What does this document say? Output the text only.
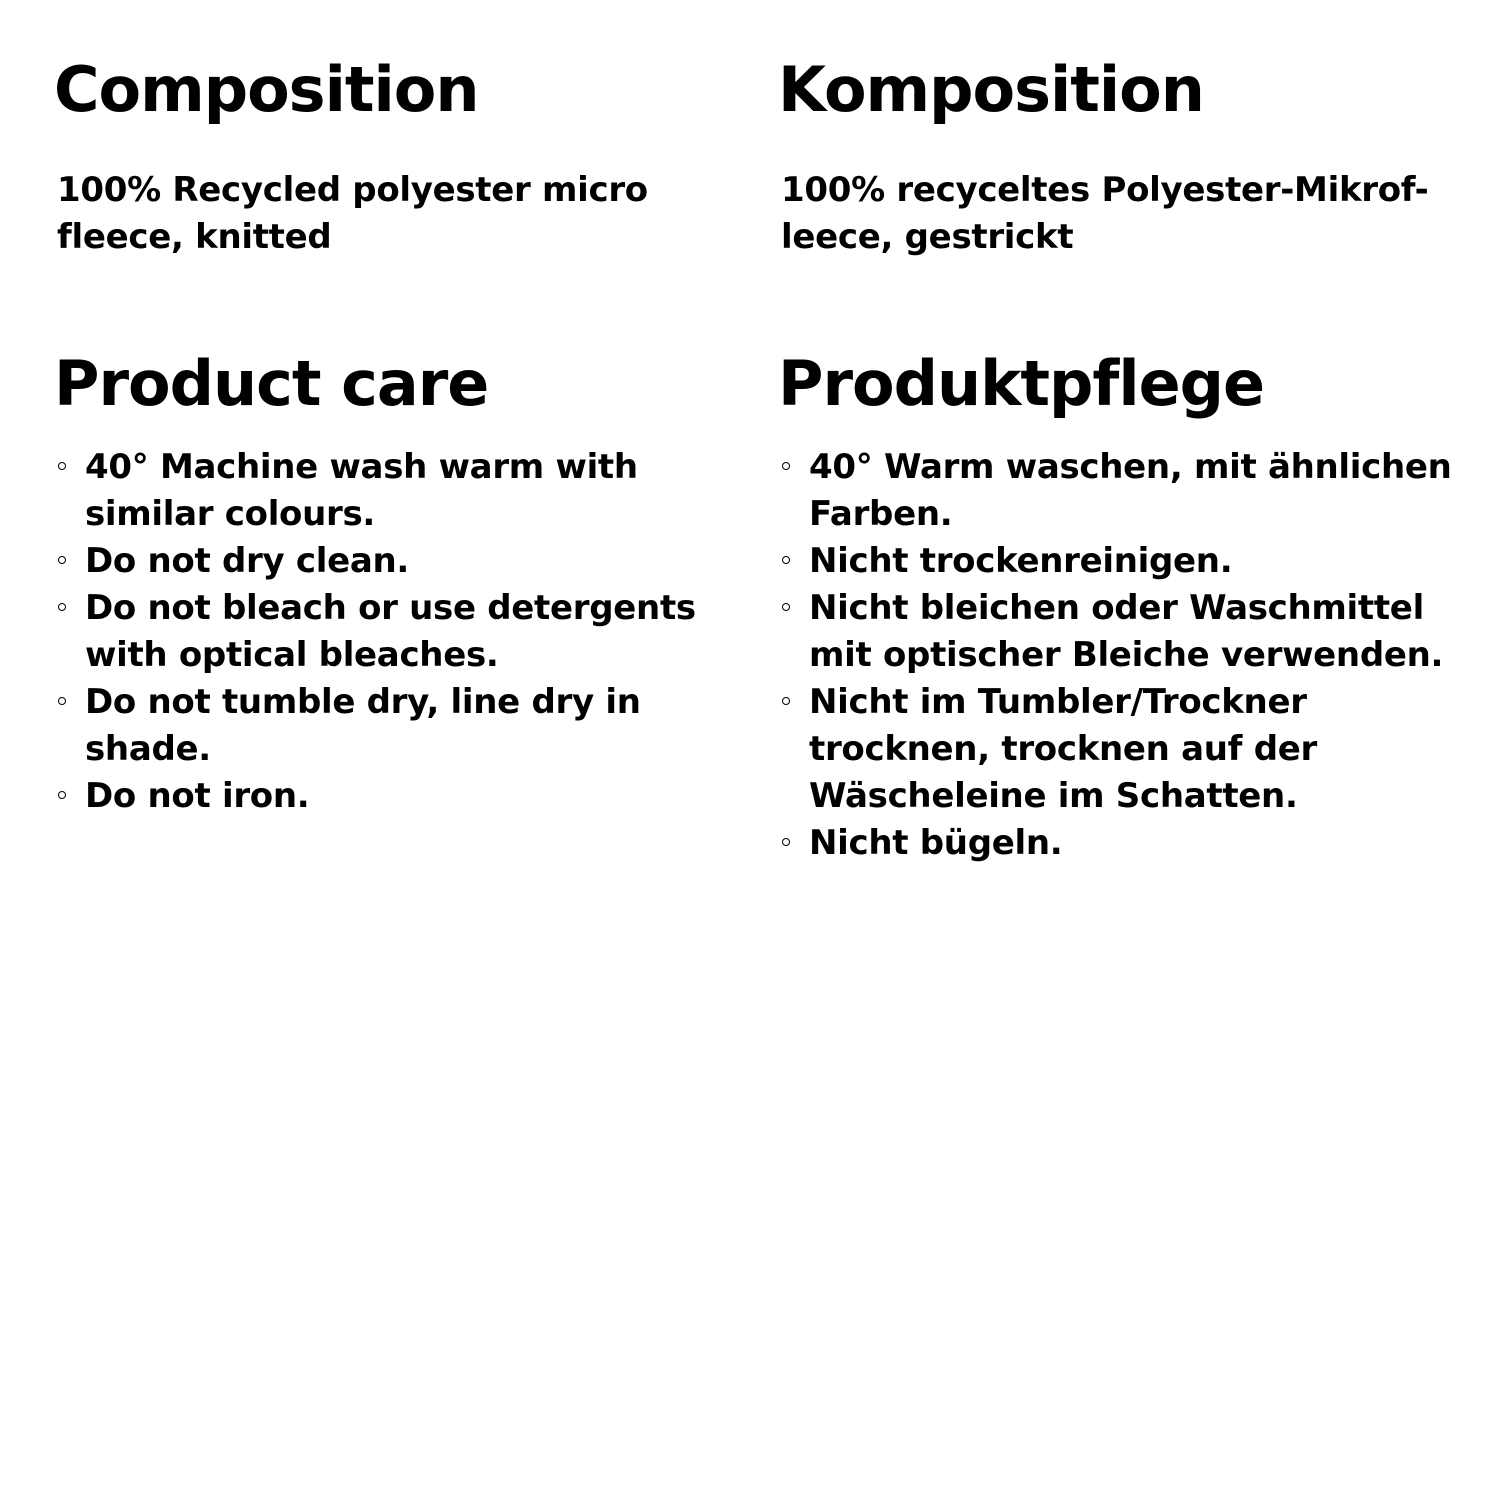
Composition

100% Recycled polyester micro
fleece, knitted

Product care
40° Machine wash warm with
similar colours.
Do not dry clean.
Do not bleach or use detergents
with optical bleaches.
Do not tumble dry, line dry in
shade.
Do not iron.
Komposition

100% recyceltes Polyester-Mikrof-
leece, gestrickt

Produktpflege
40° Warm waschen, mit ähnlichen
Farben.
Nicht trockenreinigen.
Nicht bleichen oder Waschmittel
mit optischer Bleiche verwenden.
Nicht im Tumbler/Trockner
trocknen, trocknen auf der
Wäscheleine im Schatten.
Nicht bügeln.
